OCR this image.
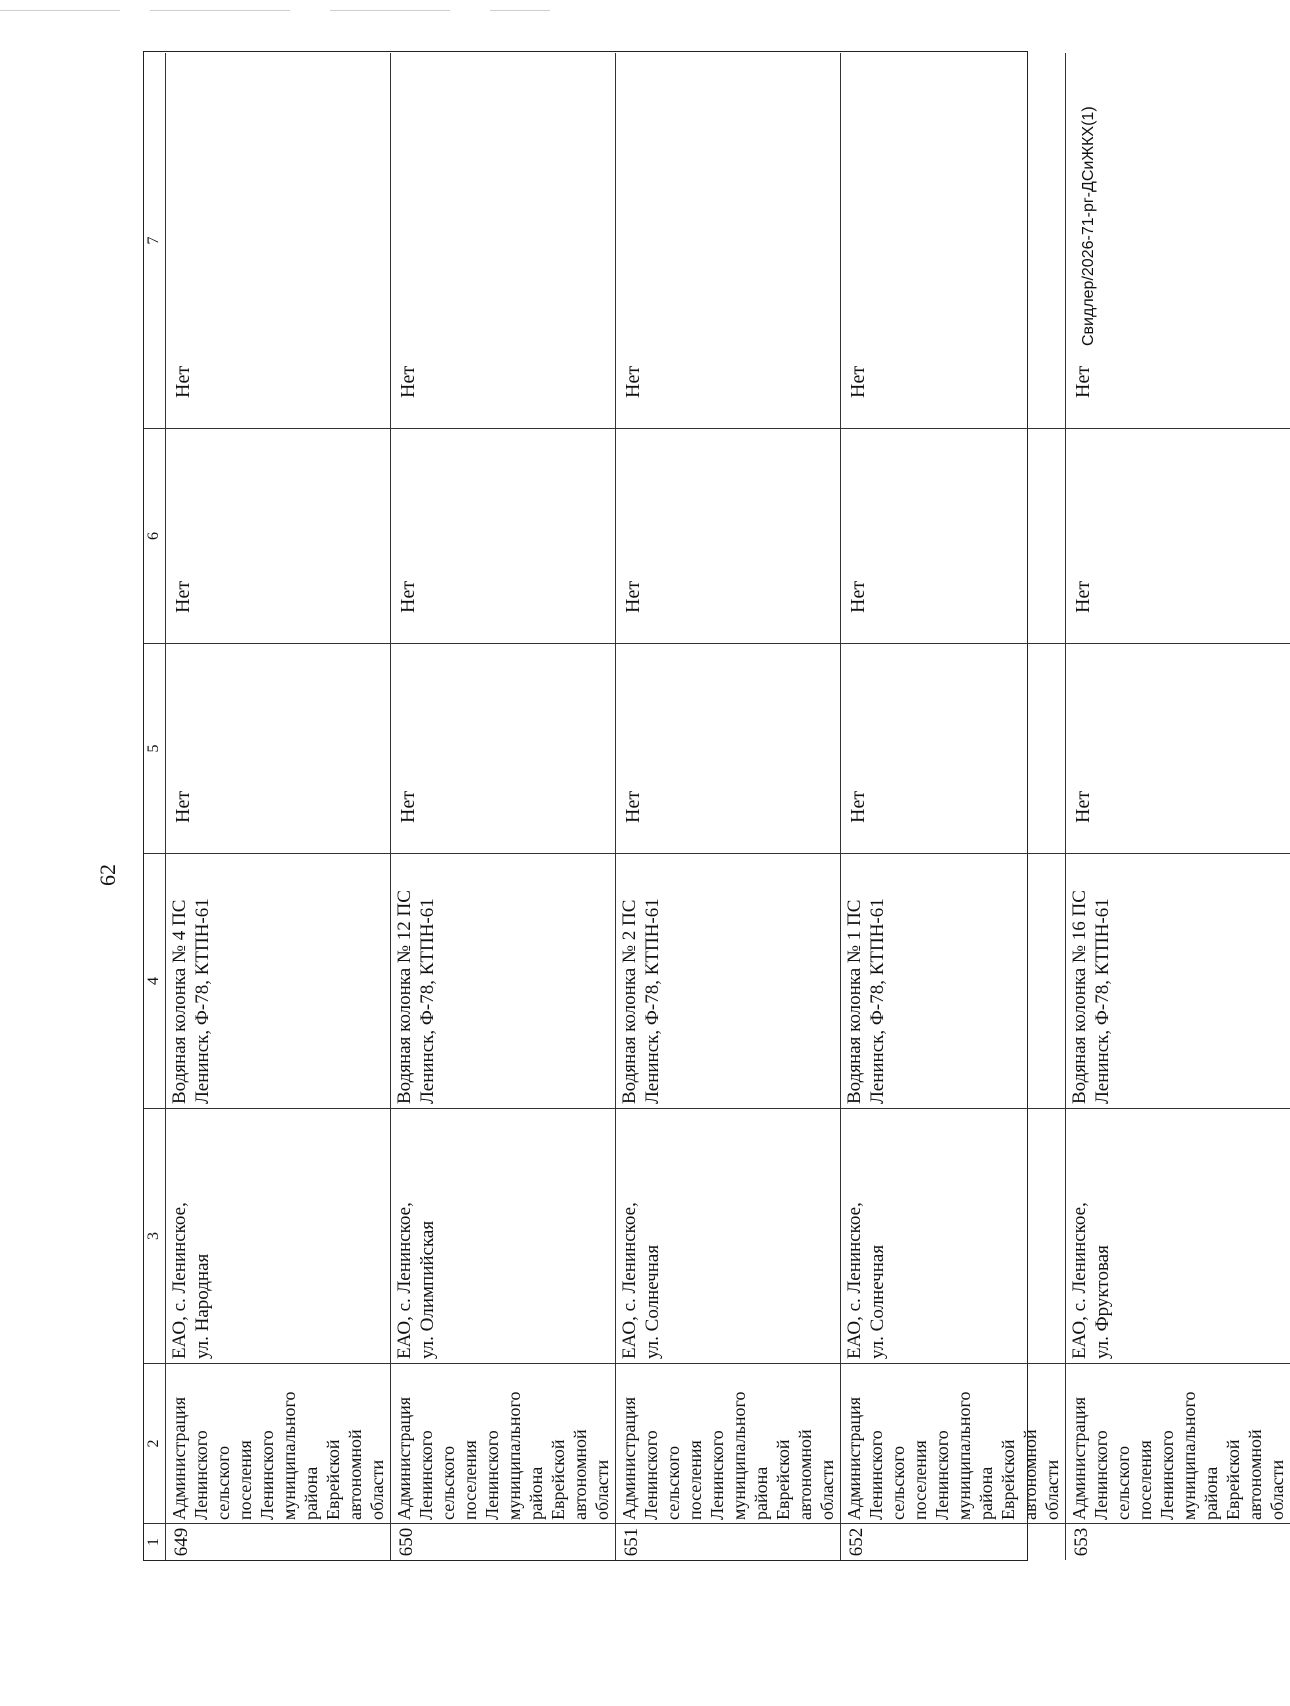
62
1
2
3
4
5
6
7
649
Администрация
Ленинского сельского
поселения Ленинского
муниципального района
Еврейской автономной
области
ЕАО, с. Ленинское,
ул. Народная
Водяная колонка № 4 ПС
Ленинск, Ф-78, КТПН-61
Нет
Нет
Нет
650
Администрация
Ленинского сельского
поселения Ленинского
муниципального района
Еврейской автономной
области
ЕАО, с. Ленинское,
ул. Олимпийская
Водяная колонка № 12 ПС
Ленинск, Ф-78, КТПН-61
Нет
Нет
Нет
651
Администрация
Ленинского сельского
поселения Ленинского
муниципального района
Еврейской автономной
области
ЕАО, с. Ленинское,
ул. Солнечная
Водяная колонка № 2 ПС
Ленинск, Ф-78, КТПН-61
Нет
Нет
Нет
652
Администрация
Ленинского сельского
поселения Ленинского
муниципального района
Еврейской автономной
области
ЕАО, с. Ленинское,
ул. Солнечная
Водяная колонка № 1 ПС
Ленинск, Ф-78, КТПН-61
Нет
Нет
Нет
653
Администрация
Ленинского сельского
поселения Ленинского
муниципального района
Еврейской автономной
области
ЕАО, с. Ленинское,
ул. Фруктовая
Водяная колонка № 16 ПС
Ленинск, Ф-78, КТПН-61
Нет
Нет
Нет
Свидлер/2026-71-рг-ДСиЖКХ(1)
